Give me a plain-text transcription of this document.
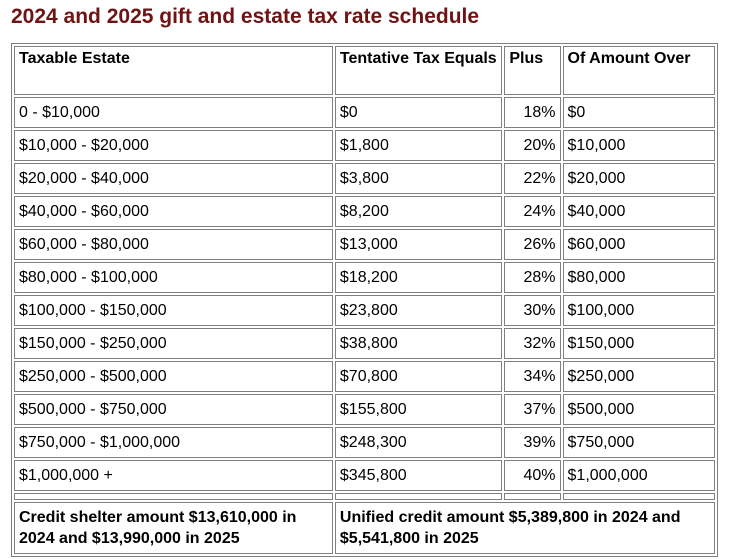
2024 and 2025 gift and estate tax rate schedule
Taxable Estate	Tentative Tax Equals	Plus	Of Amount Over
0 - $10,000	$0	18%	$0
$10,000 - $20,000	$1,800	20%	$10,000
$20,000 - $40,000	$3,800	22%	$20,000
$40,000 - $60,000	$8,200	24%	$40,000
$60,000 - $80,000	$13,000	26%	$60,000
$80,000 - $100,000	$18,200	28%	$80,000
$100,000 - $150,000	$23,800	30%	$100,000
$150,000 - $250,000	$38,800	32%	$150,000
$250,000 - $500,000	$70,800	34%	$250,000
$500,000 - $750,000	$155,800	37%	$500,000
$750,000 - $1,000,000	$248,300	39%	$750,000
$1,000,000 +	$345,800	40%	$1,000,000

Credit shelter amount $13,610,000 in 2024 and $13,990,000 in 2025	Unified credit amount $5,389,800 in 2024 and $5,541,800 in 2025		
